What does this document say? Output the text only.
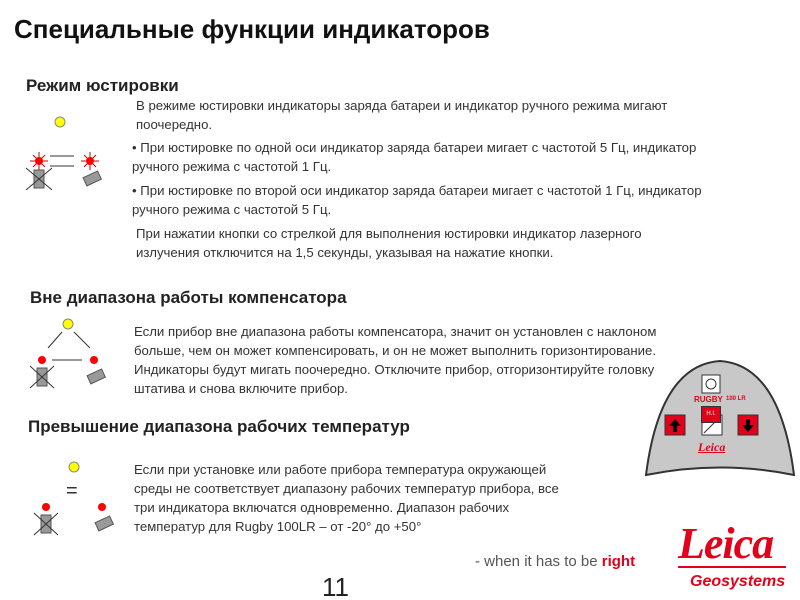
Специальные функции индикаторов
Режим юстировки
В режиме юстировки индикаторы заряда батареи и индикатор ручного режима мигают поочередно.
• При юстировке по одной оси индикатор заряда батареи мигает с частотой 5 Гц, индикатор ручного режима с частотой 1 Гц.
• При юстировке по второй оси индикатор заряда батареи мигает с частотой 1 Гц, индикатор ручного режима с частотой 5 Гц.
При нажатии кнопки со стрелкой для выполнения юстировки индикатор лазерного излучения отключится на 1,5 секунды, указывая на нажатие кнопки.
Вне диапазона работы компенсатора
Если прибор вне диапазона работы компенсатора, значит он установлен с наклоном больше, чем он может компенсировать, и он не может выполнить горизонтирование. Индикаторы будут мигать поочередно. Отключите прибор, отгоризонтируйте головку штатива и снова включите прибор.
Превышение диапазона рабочих температур
=
Если при установке или работе прибора температура окружающей среды не соответствует диапазону рабочих температур прибора, все три индикатора включатся одновременно. Диапазон рабочих температур для Rugby 100LR – от -20° до +50°
RUGBY 100 LR
H.I.
Leica
- when it has to be right Leica
Geosystems
11
